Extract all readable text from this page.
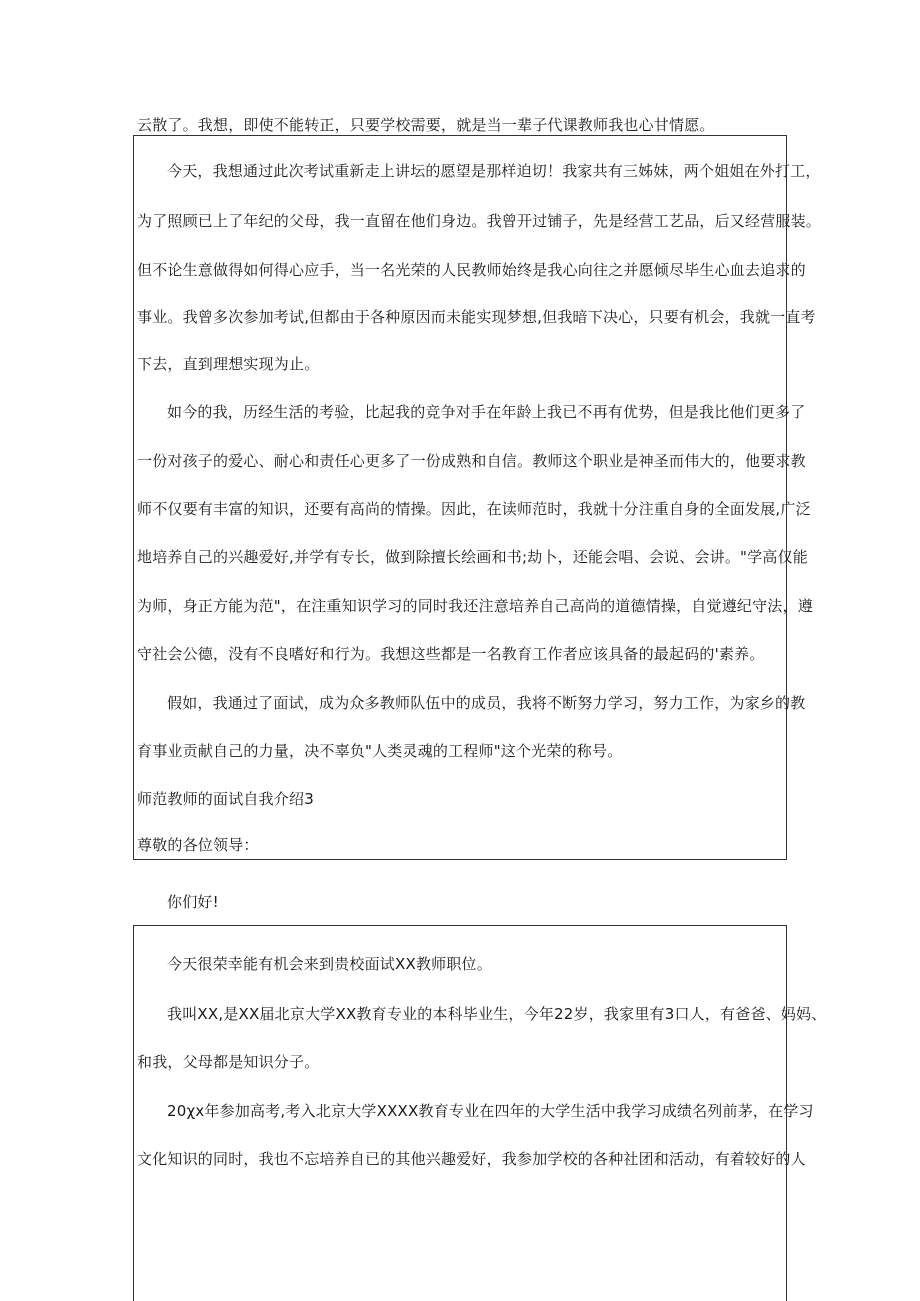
云散了。我想，即使不能转正，只要学校需要，就是当一辈子代课教师我也心甘情愿。
今天，我想通过此次考试重新走上讲坛的愿望是那样迫切！我家共有三姊妹，两个姐姐在外打工，
为了照顾已上了年纪的父母，我一直留在他们身边。我曾开过铺子，先是经营工艺品，后又经营服装。
但不论生意做得如何得心应手，当一名光荣的人民教师始终是我心向往之并愿倾尽毕生心血去追求的
事业。我曾多次参加考试,但都由于各种原因而未能实现梦想,但我暗下决心，只要有机会，我就一直考
下去，直到理想实现为止。
如今的我，历经生活的考验，比起我的竞争对手在年龄上我已不再有优势，但是我比他们更多了
一份对孩子的爱心、耐心和责任心更多了一份成熟和自信。教师这个职业是神圣而伟大的，他要求教
师不仅要有丰富的知识，还要有高尚的情操。因此，在读师范时，我就十分注重自身的全面发展,广泛
地培养自己的兴趣爱好,并学有专长，做到除擅长绘画和书;劫卜，还能会唱、会说、会讲。"学高仅能
为师，身正方能为范"，在注重知识学习的同时我还注意培养自己高尚的道德情操，自觉遵纪守法，遵
守社会公德，没有不良嗜好和行为。我想这些都是一名教育工作者应该具备的最起码的'素养。
假如，我通过了面试，成为众多教师队伍中的成员，我将不断努力学习，努力工作，为家乡的教
育事业贡献自己的力量，决不辜负"人类灵魂的工程师"这个光荣的称号。
师范教师的面试自我介绍3
尊敬的各位领导：
你们好!
今天很荣幸能有机会来到贵校面试XX教师职位。
我叫XX,是XX届北京大学XX教育专业的本科毕业生，今年22岁，我家里有3口人，有爸爸、妈妈、
和我，父母都是知识分子。
20χx年参加高考,考入北京大学XXXX教育专业在四年的大学生活中我学习成绩名列前茅，在学习
文化知识的同时，我也不忘培养自已的其他兴趣爱好，我参加学校的各种社团和活动，有着较好的人
